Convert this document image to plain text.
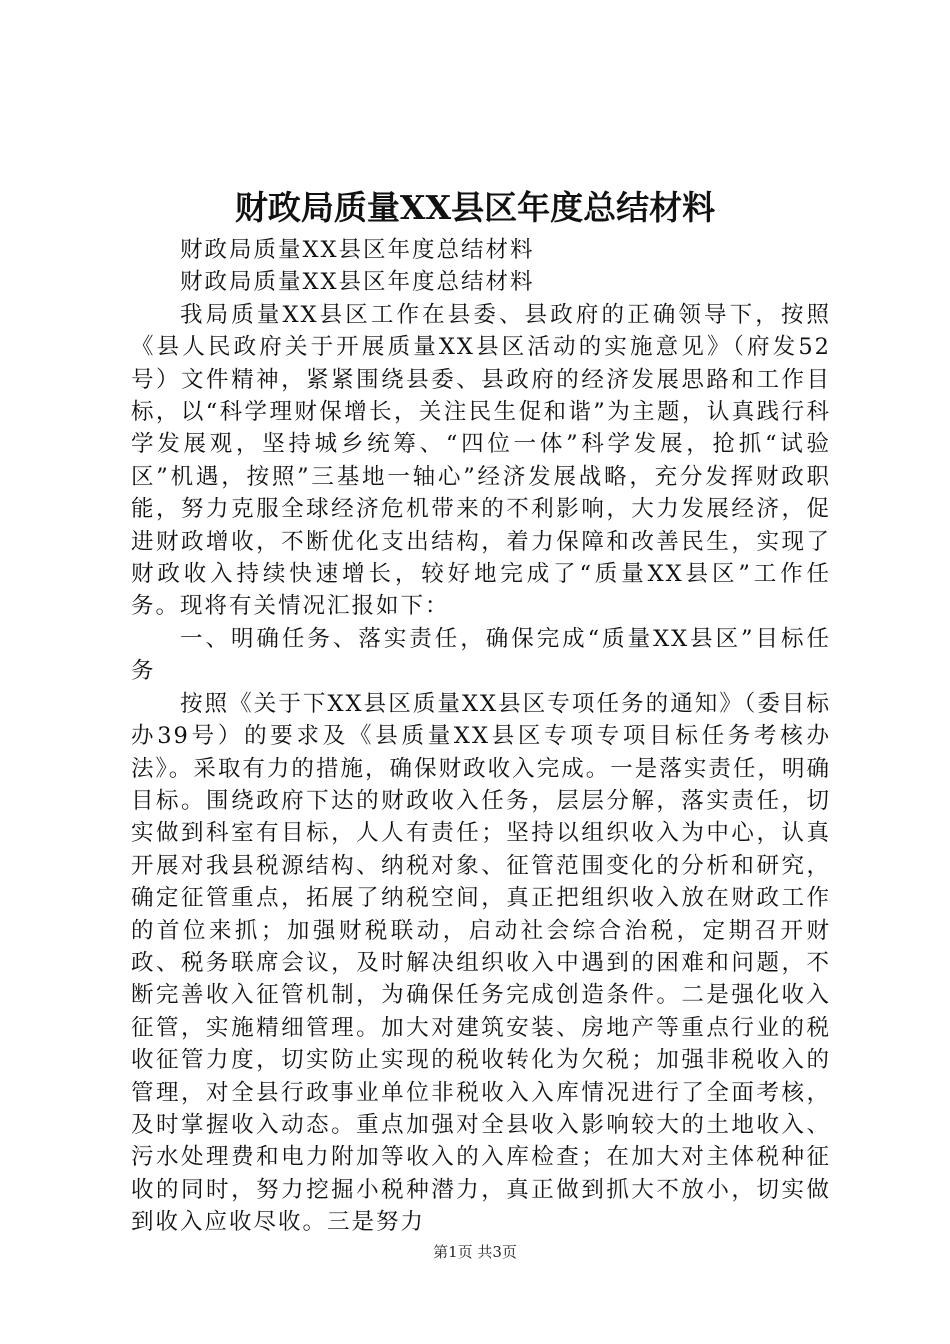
财政局质量XX县区年度总结材料

财政局质量XX县区年度总结材料

财政局质量XX县区年度总结材料

我局质量XX县区工作在县委、县政府的正确领导下，按照《县人民政府关于开展质量XX县区活动的实施意见》（府发52号）文件精神，紧紧围绕县委、县政府的经济发展思路和工作目标，以“科学理财保增长，关注民生促和谐”为主题，认真践行科学发展观，坚持城乡统筹、“四位一体”科学发展，抢抓“试验区”机遇，按照”三基地一轴心”经济发展战略，充分发挥财政职能，努力克服全球经济危机带来的不利影响，大力发展经济，促进财政增收，不断优化支出结构，着力保障和改善民生，实现了财政收入持续快速增长，较好地完成了“质量XX县区”工作任务。现将有关情况汇报如下：

一、明确任务、落实责任，确保完成“质量XX县区”目标任务

按照《关于下XX县区质量XX县区专项任务的通知》（委目标办39号）的要求及《县质量XX县区专项专项目标任务考核办法》。采取有力的措施，确保财政收入完成。一是落实责任，明确目标。围绕政府下达的财政收入任务，层层分解，落实责任，切实做到科室有目标，人人有责任；坚持以组织收入为中心，认真开展对我县税源结构、纳税对象、征管范围变化的分析和研究，确定征管重点，拓展了纳税空间，真正把组织收入放在财政工作的首位来抓；加强财税联动，启动社会综合治税，定期召开财政、税务联席会议，及时解决组织收入中遇到的困难和问题，不断完善收入征管机制，为确保任务完成创造条件。二是强化收入征管，实施精细管理。加大对建筑安装、房地产等重点行业的税收征管力度，切实防止实现的税收转化为欠税；加强非税收入的管理，对全县行政事业单位非税收入入库情况进行了全面考核，及时掌握收入动态。重点加强对全县收入影响较大的土地收入、污水处理费和电力附加等收入的入库检查；在加大对主体税种征收的同时，努力挖掘小税种潜力，真正做到抓大不放小，切实做到收入应收尽收。三是努力

第1页 共3页
